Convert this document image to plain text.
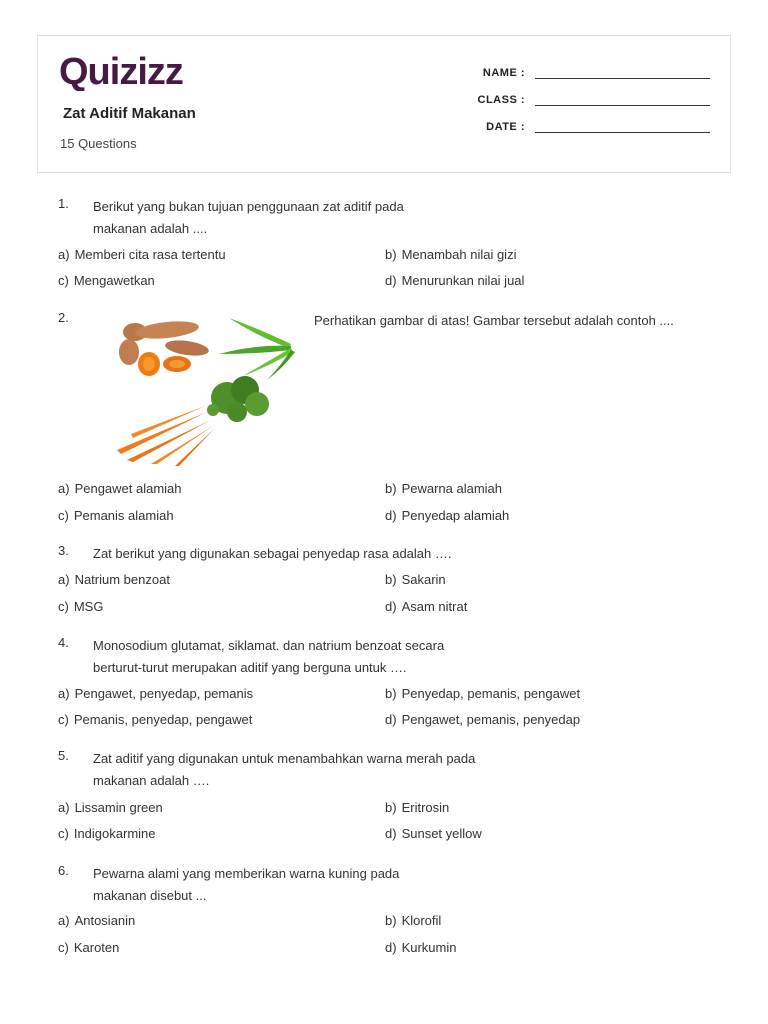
Quizizz
Zat Aditif Makanan
15 Questions
NAME :
CLASS :
DATE :
1. Berikut yang bukan tujuan penggunaan zat aditif pada makanan adalah ....
a) Memberi cita rasa tertentu	b) Menambah nilai gizi
c) Mengawetkan	d) Menurunkan nilai jual
2.	Perhatikan gambar di atas! Gambar tersebut adalah contoh ....
a) Pengawet alamiah	b) Pewarna alamiah
c) Pemanis alamiah	d) Penyedap alamiah
3. Zat berikut yang digunakan sebagai penyedap rasa adalah ….
a) Natrium benzoat	b) Sakarin
c) MSG	d) Asam nitrat
4. Monosodium glutamat, siklamat. dan natrium benzoat secara berturut-turut merupakan aditif yang berguna untuk ….
a) Pengawet, penyedap, pemanis	b) Penyedap, pemanis, pengawet
c) Pemanis, penyedap, pengawet	d) Pengawet, pemanis, penyedap
5. Zat aditif yang digunakan untuk menambahkan warna merah pada makanan adalah ….
a) Lissamin green	b) Eritrosin
c) Indigokarmine	d) Sunset yellow
6. Pewarna alami yang memberikan warna kuning pada makanan disebut ...
a) Antosianin	b) Klorofil
c) Karoten	d) Kurkumin
